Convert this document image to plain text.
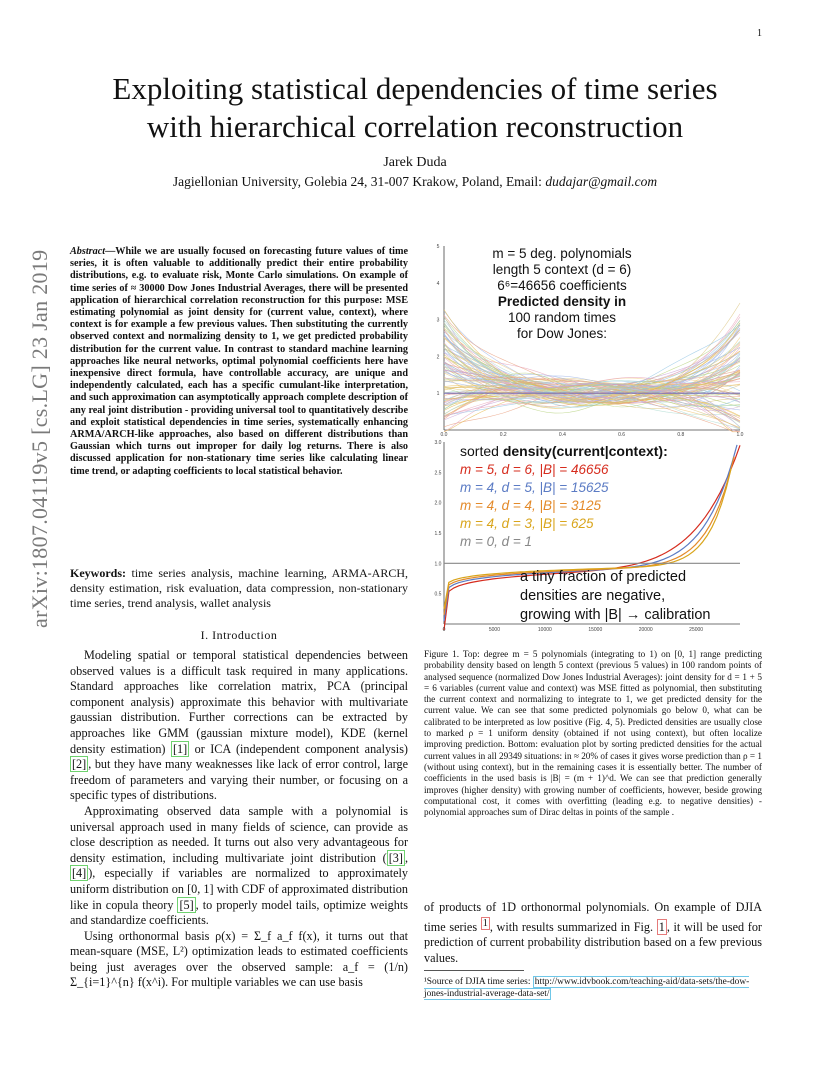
1
Exploiting statistical dependencies of time series
with hierarchical correlation reconstruction
Jarek Duda
Jagiellonian University, Golebia 24, 31-007 Krakow, Poland, Email: dudajar@gmail.com
arXiv:1807.04119v5 [cs.LG] 23 Jan 2019 Abstract—While we are usually focused on forecasting future values of time series, it is often valuable to additionally predict their entire probability distributions, e.g. to evaluate risk, Monte Carlo simulations. On example of time series of ≈ 30000 Dow Jones Industrial Averages, there will be presented application of hierarchical correlation reconstruction for this purpose: MSE estimating polynomial as joint density for (current value, context), where context is for example a few previous values. Then substituting the currently observed context and normalizing density to 1, we get predicted probability distribution for the current value. In contrast to standard machine learning approaches like neural networks, optimal polynomial coefficients here have inexpensive direct formula, have controllable accuracy, are unique and independently calculated, each has a specific cumulant-like interpretation, and such approximation can asymptotically approach complete description of any real joint distribution - providing universal tool to quantitatively describe and exploit statistical dependencies in time series, systematically enhancing ARMA/ARCH-like approaches, also based on different distributions than Gaussian which turns out improper for daily log returns. There is also discussed application for non-stationary time series like calculating linear time trend, or adapting coefficients to local statistical behavior.
Keywords: time series analysis, machine learning, ARMA-ARCH, density estimation, risk evaluation, data compression, non-stationary time series, trend analysis, wallet analysis
I. Introduction

Modeling spatial or temporal statistical dependencies between observed values is a difficult task required in many applications. Standard approaches like correlation matrix, PCA (principal component analysis) approximate this behavior with multivariate gaussian distribution. Further corrections can be extracted by approaches like GMM (gaussian mixture model), KDE (kernel density estimation) [1] or ICA (independent component analysis) [2] , but they have many weaknesses like lack of error control, large freedom of parameters and varying their number, or focusing on a specific types of distributions.

Approximating observed data sample with a polynomial is universal approach used in many fields of science, can provide as close description as needed. It turns out also very advantageous for density estimation, including multivariate joint distribution ( [3] , [4] ), especially if variables are normalized to approximately uniform distribution on [0, 1] with CDF of approximated distribution like in copula theory [5] , to properly model tails, optimize weights and standardize coefficients.

Using orthonormal basis ρ(x) = Σ_f a_f f(x), it turns out that mean-square (MSE, L²) optimization leads to estimated coefficients being just averages over the observed sample: a_f = (1/n) Σ_{i=1}^{n} f(x^i). For multiple variables we can use basis

1
2
3
4
5
0.0	0.2	0.4	0.6	0.8	1.0
m = 5 deg. polynomials
length 5 context (d = 6)
6⁶=46656 coefficients
Predicted density in
100 random times
for Dow Jones:
0.5
1.0
1.5
2.0
2.5
3.0
0	5000	10000	15000	20000	25000
sorted density(current|context):
m = 5, d = 6, |B| = 46656
m = 4, d = 5, |B| = 15625
m = 4, d = 4, |B| = 3125
m = 4, d = 3, |B| = 625
m = 0, d = 1
a tiny fraction of predicted
densities are negative,
growing with |B| → calibration
Figure 1. Top: degree m = 5 polynomials (integrating to 1) on [0, 1] range predicting probability density based on length 5 context (previous 5 values) in 100 random points of analysed sequence (normalized Dow Jones Industrial Averages): joint density for d = 1 + 5 = 6 variables (current value and context) was MSE fitted as polynomial, then substituting the current context and normalizing to integrate to 1, we get predicted density for the current value. We can see that some predicted polynomials go below 0, what can be calibrated to be interpreted as low positive (Fig. 4, 5). Predicted densities are usually close to marked ρ = 1 uniform density (obtained if not using context), but often localize improving prediction. Bottom: evaluation plot by sorting predicted densities for the actual current values in all 29349 situations: in ≈ 20% of cases it gives worse prediction than ρ = 1 (without using context), but in the remaining cases it is essentially better. The number of coefficients in the used basis is |B| = (m + 1)^d. We can see that prediction generally improves (higher density) with growing number of coefficients, however, beside growing computational cost, it comes with overfitting (leading e.g. to negative densities) - polynomial approaches sum of Dirac deltas in points of the sample .
of products of 1D orthonormal polynomials. On example of DJIA time series $^1$ , with results summarized in Fig. 1 , it will be used for prediction of current probability distribution based on a few previous values.
¹Source of DJIA time series: http://www.idvbook.com/teaching-aid/data-sets/the-dow-jones-industrial-average-data-set/
